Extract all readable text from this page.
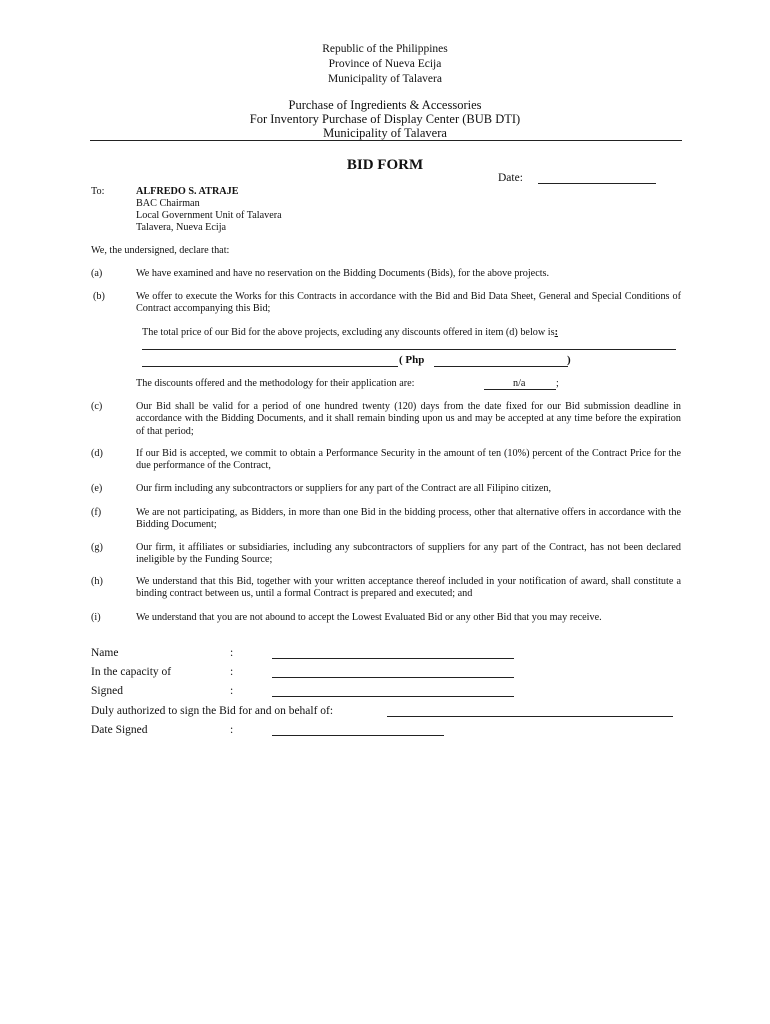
Republic of the Philippines
Province of Nueva Ecija
Municipality of Talavera
Purchase of Ingredients & Accessories
For Inventory Purchase of Display Center (BUB DTI)
Municipality of Talavera
BID FORM
Date:
To:	ALFREDO S. ATRAJE
BAC Chairman
Local Government Unit of Talavera
Talavera, Nueva Ecija
We, the undersigned, declare that:
(a)	We have examined and have no reservation on the Bidding Documents (Bids), for the above projects.
(b)	We offer to execute the Works for this Contracts in accordance with the Bid and Bid Data Sheet, General and Special Conditions of Contract accompanying this Bid;
The total price of our Bid for the above projects, excluding any discounts offered in item (d) below is:
( Php	)
The discounts offered and the methodology for their application are:	n/a	;
(c)	Our Bid shall be valid for a period of one hundred twenty (120) days from the date fixed for our Bid submission deadline in accordance with the Bidding Documents, and it shall remain binding upon us and may be accepted at any time before the expiration of that period;
(d)	If our Bid is accepted, we commit to obtain a Performance Security in the amount of ten (10%) percent of the Contract Price for the due performance of the Contract,
(e)	Our firm including any subcontractors or suppliers for any part of the Contract are all Filipino citizen,
(f)	We are not participating, as Bidders, in more than one Bid in the bidding process, other that alternative offers in accordance with the Bidding Document;
(g)	Our firm, it affiliates or subsidiaries, including any subcontractors of suppliers for any part of the Contract, has not been declared ineligible by the Funding Source;
(h)	We understand that this Bid, together with your written acceptance thereof included in your notification of award, shall constitute a binding contract between us, until a formal Contract is prepared and executed; and
(i)	We understand that you are not abound to accept the Lowest Evaluated Bid or any other Bid that you may receive.
Name	:
In the capacity of	:
Signed	:
Duly authorized to sign the Bid for and on behalf of:
Date Signed	:
